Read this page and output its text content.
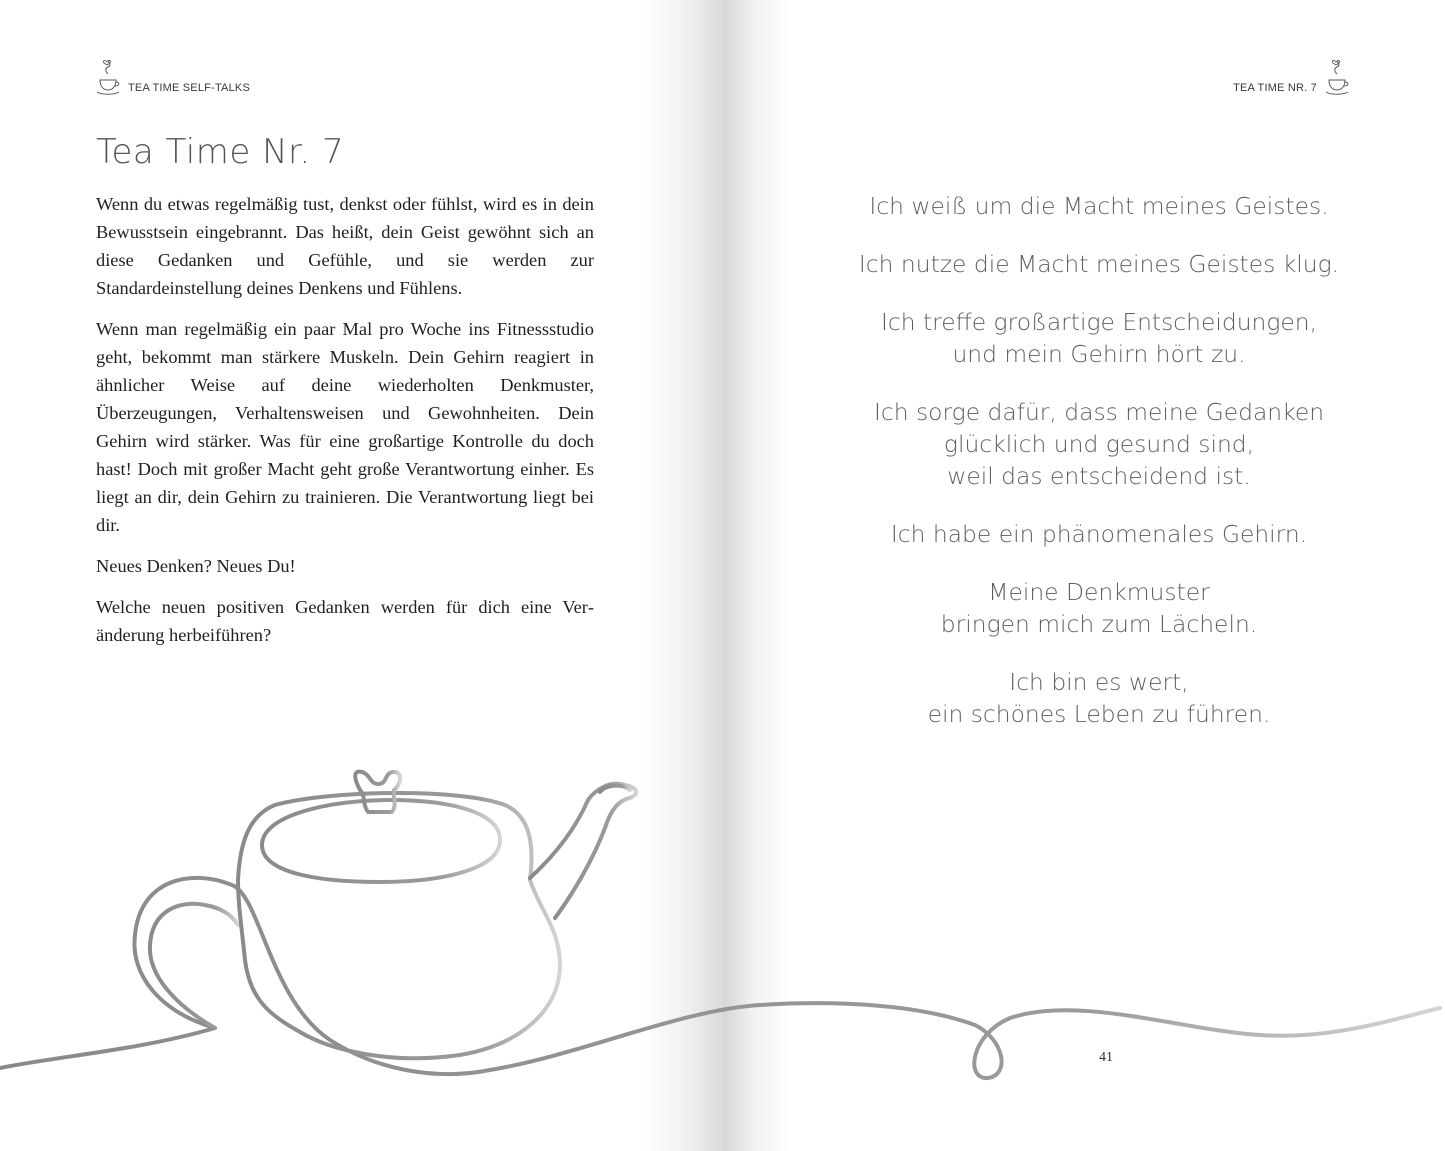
TEA TIME SELF-TALKS
Tea Time Nr. 7

Wenn du etwas regelmäßig tust, denkst oder fühlst, wird es in dein Bewusstsein eingebrannt. Das heißt, dein Geist gewöhnt sich an diese Gedanken und Gefühle, und sie werden zur Standardeinstellung deines Denkens und Fühlens.

Wenn man regelmäßig ein paar Mal pro Woche ins Fitnessstudio geht, bekommt man stärkere Muskeln. Dein Gehirn reagiert in ähnlicher Weise auf deine wiederholten Denkmuster, Überzeugungen, Verhaltensweisen und Gewohnheiten. Dein Gehirn wird stärker. Was für eine großartige Kontrolle du doch hast! Doch mit großer Macht geht große Verantwortung einher. Es liegt an dir, dein Gehirn zu trainieren. Die Verantwortung liegt bei dir.

Neues Denken? Neues Du!

Welche neuen positiven Gedanken werden für dich eine Veränderung herbeiführen?

TEA TIME NR. 7
Ich weiß um die Macht meines Geistes.
Ich nutze die Macht meines Geistes klug.
Ich treffe großartige Entscheidungen,
und mein Gehirn hört zu.
Ich sorge dafür, dass meine Gedanken
glücklich und gesund sind,
weil das entscheidend ist.
Ich habe ein phänomenales Gehirn.
Meine Denkmuster
bringen mich zum Lächeln.
Ich bin es wert,
ein schönes Leben zu führen.
41
